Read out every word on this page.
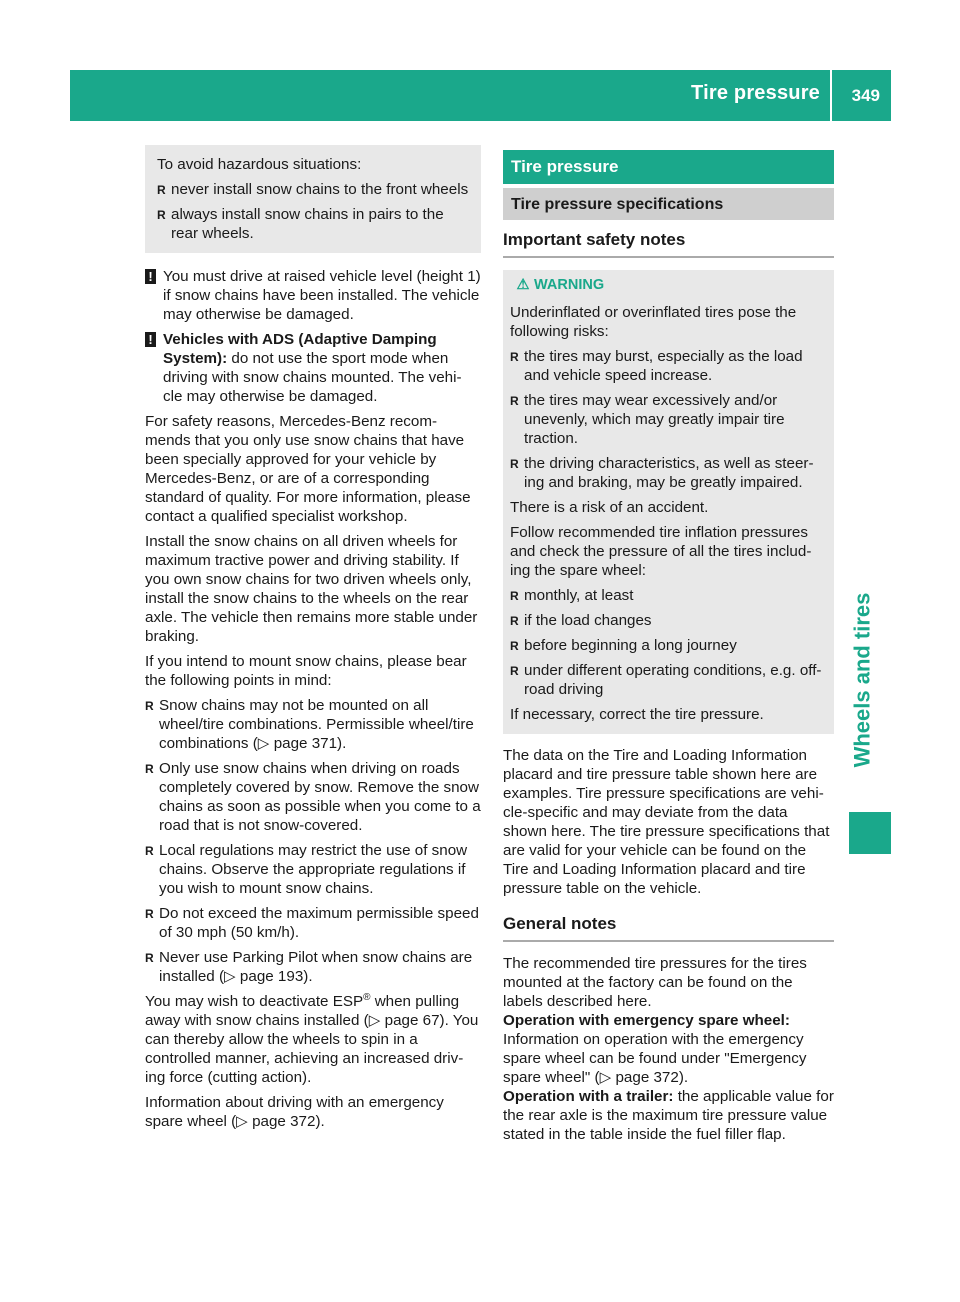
Tire pressure 349
Wheels and tires
To avoid hazardous situations:
R never install snow chains to the front wheels
R always install snow chains in pairs to the rear wheels.
! You must drive at raised vehicle level (height 1) if snow chains have been installed. The vehicle may otherwise be damaged.
! Vehicles with ADS (Adaptive Damping System): do not use the sport mode when driving with snow chains mounted. The vehi- cle may otherwise be damaged.
For safety reasons, Mercedes-Benz recom- mends that you only use snow chains that have been specially approved for your vehicle by Mercedes-Benz, or are of a corresponding standard of quality. For more information, please contact a qualified specialist workshop.
Install the snow chains on all driven wheels for maximum tractive power and driving stability. If you own snow chains for two driven wheels only, install the snow chains to the wheels on the rear axle. The vehicle then remains more stable under braking.
If you intend to mount snow chains, please bear the following points in mind:
R Snow chains may not be mounted on all wheel/tire combinations. Permissible wheel/tire combinations (▷ page 371).
R Only use snow chains when driving on roads completely covered by snow. Remove the snow chains as soon as possible when you come to a road that is not snow-covered.
R Local regulations may restrict the use of snow chains. Observe the appropriate regulations if you wish to mount snow chains.
R Do not exceed the maximum permissible speed of 30 mph (50 km/h).
R Never use Parking Pilot when snow chains are installed (▷ page 193).
You may wish to deactivate ESP® when pulling away with snow chains installed (▷ page 67). You can thereby allow the wheels to spin in a controlled manner, achieving an increased driv- ing force (cutting action).
Information about driving with an emergency spare wheel (▷ page 372).
Tire pressure
Tire pressure specifications
Important safety notes
⚠ WARNING
Underinflated or overinflated tires pose the following risks:
R the tires may burst, especially as the load and vehicle speed increase.
R the tires may wear excessively and/or unevenly, which may greatly impair tire traction.
R the driving characteristics, as well as steer- ing and braking, may be greatly impaired.
There is a risk of an accident.
Follow recommended tire inflation pressures and check the pressure of all the tires includ- ing the spare wheel:
R monthly, at least
R if the load changes
R before beginning a long journey
R under different operating conditions, e.g. off-road driving
If necessary, correct the tire pressure.
The data on the Tire and Loading Information placard and tire pressure table shown here are examples. Tire pressure specifications are vehi- cle-specific and may deviate from the data shown here. The tire pressure specifications that are valid for your vehicle can be found on the Tire and Loading Information placard and tire pressure table on the vehicle.
General notes
The recommended tire pressures for the tires mounted at the factory can be found on the labels described here.
Operation with emergency spare wheel:
Information on operation with the emergency spare wheel can be found under "Emergency spare wheel" (▷ page 372).
Operation with a trailer: the applicable value for the rear axle is the maximum tire pressure value stated in the table inside the fuel filler flap.
